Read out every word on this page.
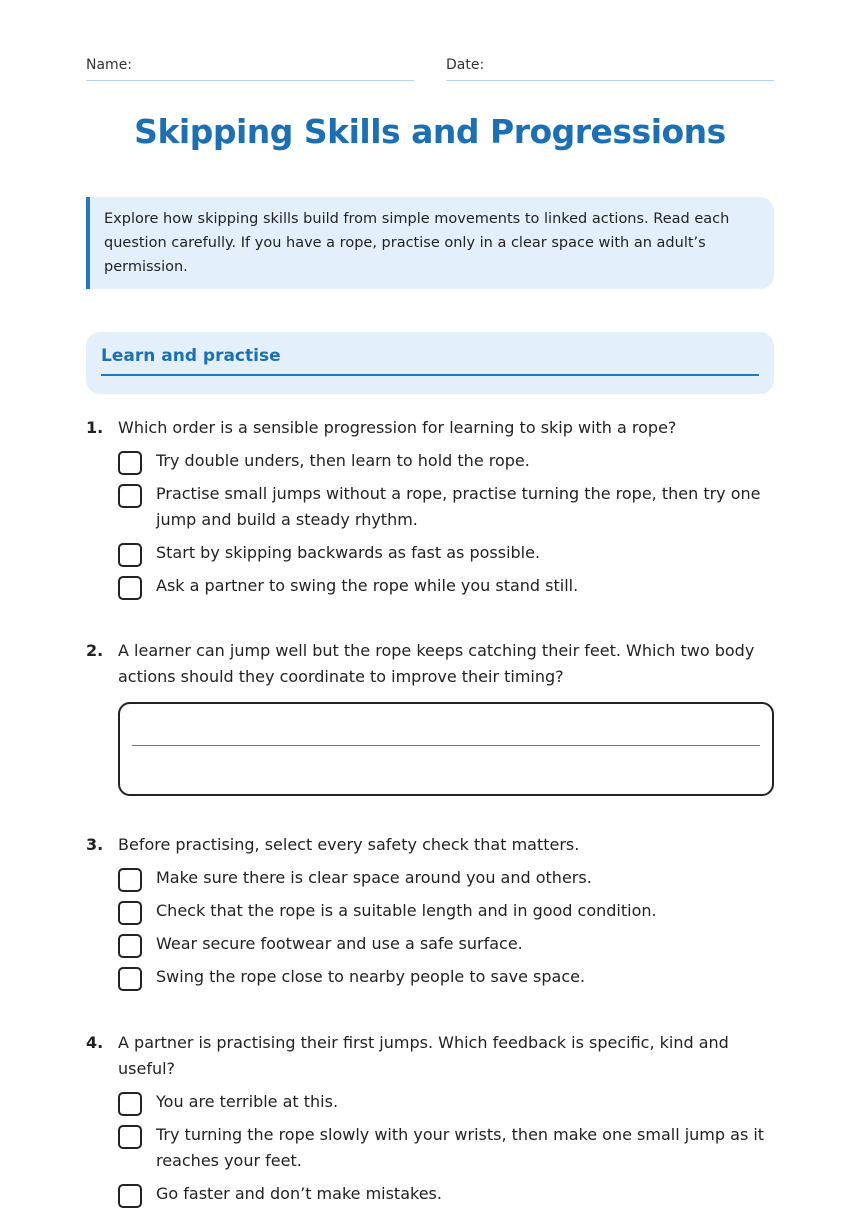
Name:	Date:
Skipping Skills and Progressions
Explore how skipping skills build from simple movements to linked actions. Read each question carefully. If you have a rope, practise only in a clear space with an adult’s permission.
Learn and practise
1. Which order is a sensible progression for learning to skip with a rope?
Try double unders, then learn to hold the rope.
Practise small jumps without a rope, practise turning the rope, then try one jump and build a steady rhythm.
Start by skipping backwards as fast as possible.
Ask a partner to swing the rope while you stand still.
2. A learner can jump well but the rope keeps catching their feet. Which two body actions should they coordinate to improve their timing?
3. Before practising, select every safety check that matters.
Make sure there is clear space around you and others.
Check that the rope is a suitable length and in good condition.
Wear secure footwear and use a safe surface.
Swing the rope close to nearby people to save space.
4. A partner is practising their first jumps. Which feedback is specific, kind and useful?
You are terrible at this.
Try turning the rope slowly with your wrists, then make one small jump as it reaches your feet.
Go faster and don’t make mistakes.
